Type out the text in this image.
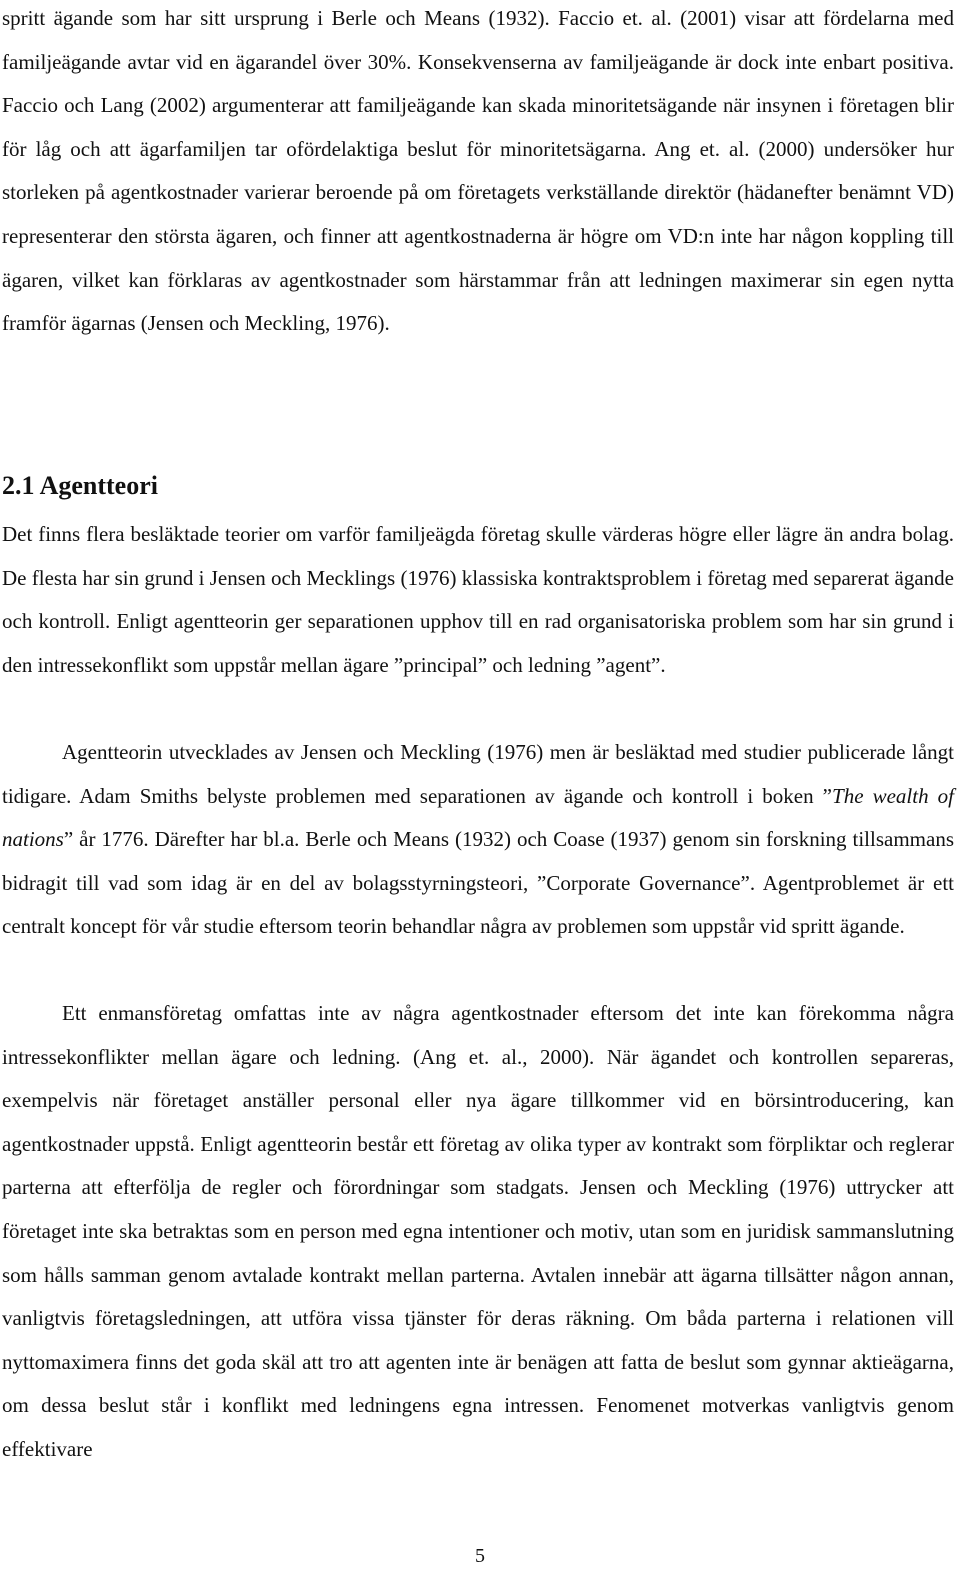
spritt ägande som har sitt ursprung i Berle och Means (1932). Faccio et. al. (2001) visar att fördelarna med familjeägande avtar vid en ägarandel över 30%. Konsekvenserna av familjeägande är dock inte enbart positiva. Faccio och Lang (2002) argumenterar att familjeägande kan skada minoritetsägande när insynen i företagen blir för låg och att ägarfamiljen tar ofördelaktiga beslut för minoritetsägarna. Ang et. al. (2000) undersöker hur storleken på agentkostnader varierar beroende på om företagets verkställande direktör (hädanefter benämnt VD) representerar den största ägaren, och finner att agentkostnaderna är högre om VD:n inte har någon koppling till ägaren, vilket kan förklaras av agentkostnader som härstammar från att ledningen maximerar sin egen nytta framför ägarnas (Jensen och Meckling, 1976).

2.1 Agentteori

Det finns flera besläktade teorier om varför familjeägda företag skulle värderas högre eller lägre än andra bolag. De flesta har sin grund i Jensen och Mecklings (1976) klassiska kontraktsproblem i företag med separerat ägande och kontroll. Enligt agentteorin ger separationen upphov till en rad organisatoriska problem som har sin grund i den intressekonflikt som uppstår mellan ägare ”principal” och ledning ”agent”.

Agentteorin utvecklades av Jensen och Meckling (1976) men är besläktad med studier publicerade långt tidigare. Adam Smiths belyste problemen med separationen av ägande och kontroll i boken ”The wealth of nations” år 1776. Därefter har bl.a. Berle och Means (1932) och Coase (1937) genom sin forskning tillsammans bidragit till vad som idag är en del av bolagsstyrningsteori, ”Corporate Governance”. Agentproblemet är ett centralt koncept för vår studie eftersom teorin behandlar några av problemen som uppstår vid spritt ägande.

Ett enmansföretag omfattas inte av några agentkostnader eftersom det inte kan förekomma några intressekonflikter mellan ägare och ledning. (Ang et. al., 2000). När ägandet och kontrollen separeras, exempelvis när företaget anställer personal eller nya ägare tillkommer vid en börsintroducering, kan agentkostnader uppstå. Enligt agentteorin består ett företag av olika typer av kontrakt som förpliktar och reglerar parterna att efterfölja de regler och förordningar som stadgats. Jensen och Meckling (1976) uttrycker att företaget inte ska betraktas som en person med egna intentioner och motiv, utan som en juridisk sammanslutning som hålls samman genom avtalade kontrakt mellan parterna. Avtalen innebär att ägarna tillsätter någon annan, vanligtvis företagsledningen, att utföra vissa tjänster för deras räkning. Om båda parterna i relationen vill nyttomaximera finns det goda skäl att tro att agenten inte är benägen att fatta de beslut som gynnar aktieägarna, om dessa beslut står i konflikt med ledningens egna intressen. Fenomenet motverkas vanligtvis genom effektivare

5
